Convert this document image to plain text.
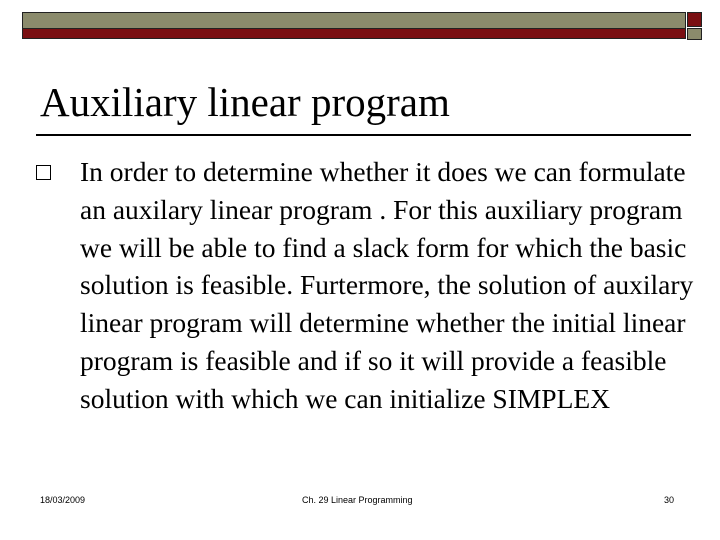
Auxiliary linear program
In order to determine whether it does we can formulate an auxilary linear program . For this auxiliary program we will be able to find a slack form for which the basic solution is feasible. Furtermore, the solution of auxilary linear program will determine whether the initial linear program is feasible and if so it will provide a feasible solution with which we can initialize SIMPLEX
18/03/2009	Ch. 29 Linear Programming	30
